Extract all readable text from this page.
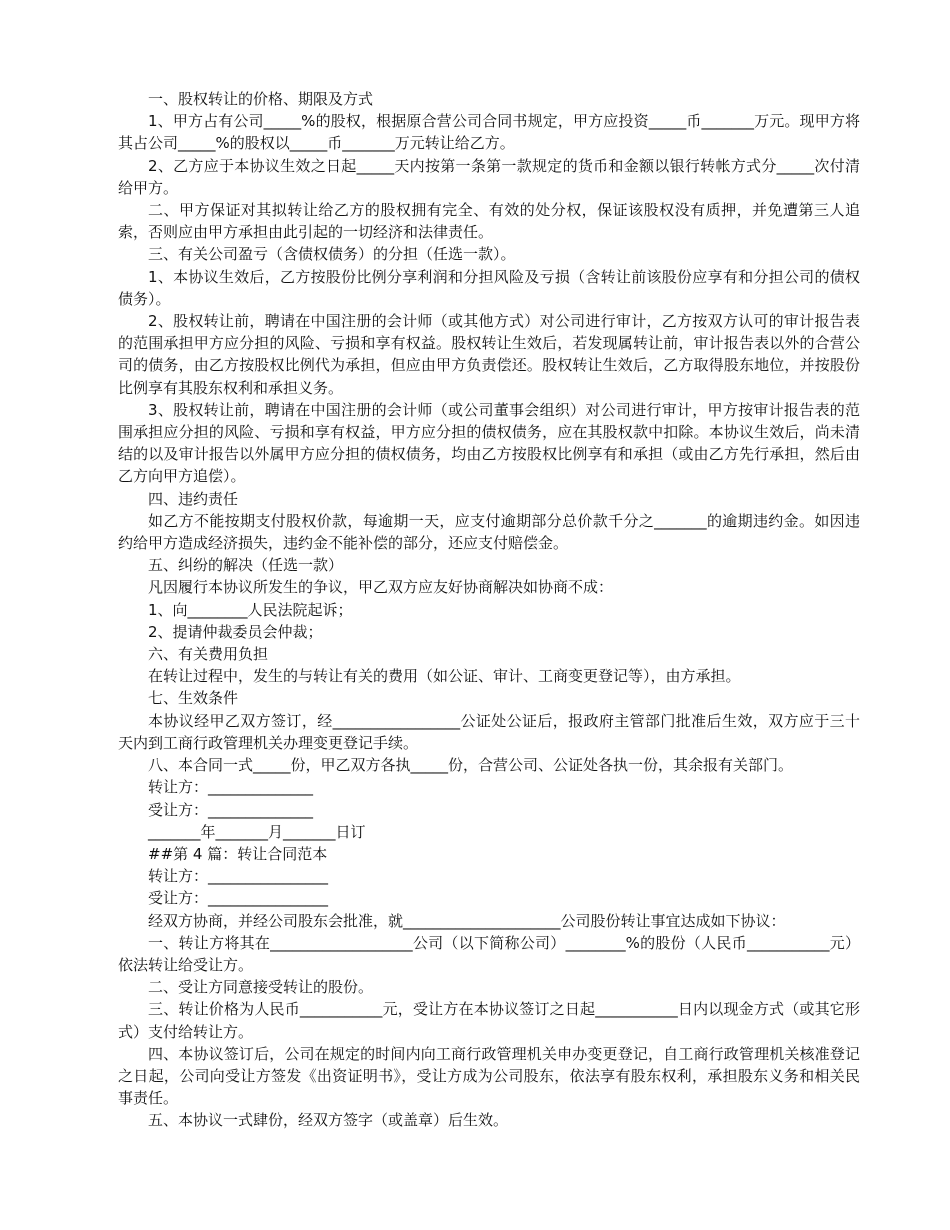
一、股权转让的价格、期限及方式

1、甲方占有公司_____%的股权，根据原合营公司合同书规定，甲方应投资_____币_______万元。现甲方将其占公司_____%的股权以_____币_______万元转让给乙方。

2、乙方应于本协议生效之日起_____天内按第一条第一款规定的货币和金额以银行转帐方式分_____次付清给甲方。

二、甲方保证对其拟转让给乙方的股权拥有完全、有效的处分权，保证该股权没有质押，并免遭第三人追索，否则应由甲方承担由此引起的一切经济和法律责任。

三、有关公司盈亏（含债权债务）的分担（任选一款）。

1、本协议生效后，乙方按股份比例分享利润和分担风险及亏损（含转让前该股份应享有和分担公司的债权债务）。

2、股权转让前，聘请在中国注册的会计师（或其他方式）对公司进行审计，乙方按双方认可的审计报告表的范围承担甲方应分担的风险、亏损和享有权益。股权转让生效后，若发现属转让前，审计报告表以外的合营公司的债务，由乙方按股权比例代为承担，但应由甲方负责偿还。股权转让生效后，乙方取得股东地位，并按股份比例享有其股东权利和承担义务。

3、股权转让前，聘请在中国注册的会计师（或公司董事会组织）对公司进行审计，甲方按审计报告表的范围承担应分担的风险、亏损和享有权益，甲方应分担的债权债务，应在其股权款中扣除。本协议生效后，尚未清结的以及审计报告以外属甲方应分担的债权债务，均由乙方按股权比例享有和承担（或由乙方先行承担，然后由乙方向甲方追偿）。

四、违约责任

如乙方不能按期支付股权价款，每逾期一天，应支付逾期部分总价款千分之_______的逾期违约金。如因违约给甲方造成经济损失，违约金不能补偿的部分，还应支付赔偿金。

五、纠纷的解决（任选一款）

凡因履行本协议所发生的争议，甲乙双方应友好协商解决如协商不成：

1、向________人民法院起诉；

2、提请仲裁委员会仲裁；

六、有关费用负担

在转让过程中，发生的与转让有关的费用（如公证、审计、工商变更登记等），由方承担。

七、生效条件

本协议经甲乙双方签订，经_________________公证处公证后，报政府主管部门批准后生效，双方应于三十天内到工商行政管理机关办理变更登记手续。

八、本合同一式_____份，甲乙双方各执_____份，合营公司、公证处各执一份，其余报有关部门。

转让方：______________

受让方：______________

_______年_______月_______日订

##第 4 篇：转让合同范本

转让方：________________

受让方：________________

经双方协商，并经公司股东会批准，就_____________________公司股份转让事宜达成如下协议：

一、转让方将其在___________________公司（以下简称公司）________%的股份（人民币___________元）依法转让给受让方。

二、受让方同意接受转让的股份。

三、转让价格为人民币___________元，受让方在本协议签订之日起___________日内以现金方式（或其它形式）支付给转让方。

四、本协议签订后，公司在规定的时间内向工商行政管理机关申办变更登记，自工商行政管理机关核准登记之日起，公司向受让方签发《出资证明书》，受让方成为公司股东，依法享有股东权利，承担股东义务和相关民事责任。

五、本协议一式肆份，经双方签字（或盖章）后生效。
